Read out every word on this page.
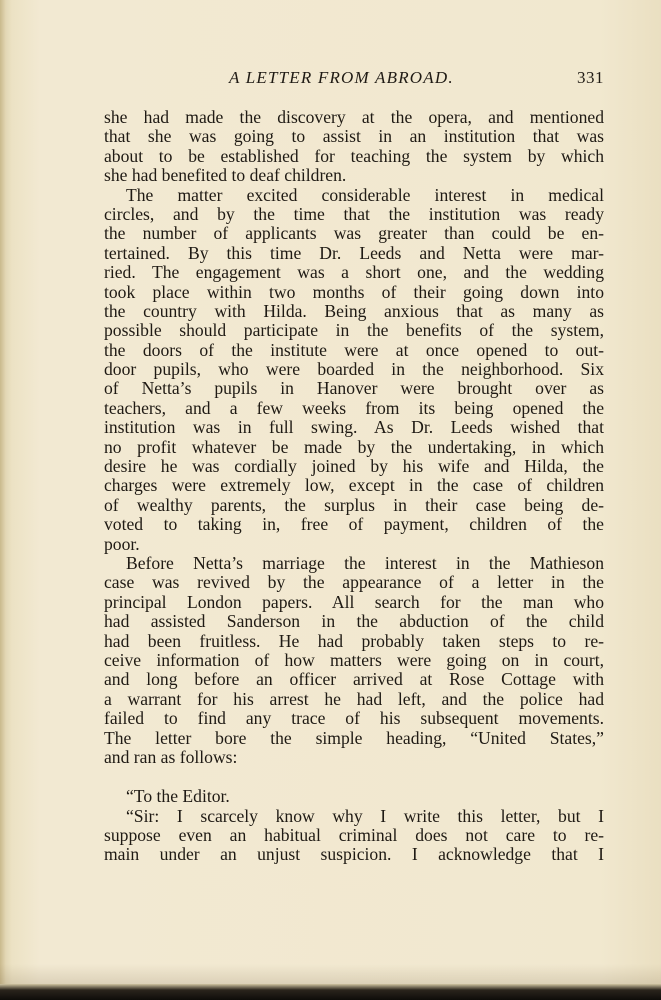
A LETTER FROM ABROAD.	331
she had made the discovery at the opera, and mentioned
that she was going to assist in an institution that was
about to be established for teaching the system by which
she had benefited to deaf children.
The matter excited considerable interest in medical
circles, and by the time that the institution was ready
the number of applicants was greater than could be en-
tertained. By this time Dr. Leeds and Netta were mar-
ried. The engagement was a short one, and the wedding
took place within two months of their going down into
the country with Hilda. Being anxious that as many as
possible should participate in the benefits of the system,
the doors of the institute were at once opened to out-
door pupils, who were boarded in the neighborhood. Six
of Netta’s pupils in Hanover were brought over as
teachers, and a few weeks from its being opened the
institution was in full swing. As Dr. Leeds wished that
no profit whatever be made by the undertaking, in which
desire he was cordially joined by his wife and Hilda, the
charges were extremely low, except in the case of children
of wealthy parents, the surplus in their case being de-
voted to taking in, free of payment, children of the
poor.
Before Netta’s marriage the interest in the Mathieson
case was revived by the appearance of a letter in the
principal London papers. All search for the man who
had assisted Sanderson in the abduction of the child
had been fruitless. He had probably taken steps to re-
ceive information of how matters were going on in court,
and long before an officer arrived at Rose Cottage with
a warrant for his arrest he had left, and the police had
failed to find any trace of his subsequent movements.
The letter bore the simple heading, “United States,”
and ran as follows:
“To the Editor.
“Sir: I scarcely know why I write this letter, but I
suppose even an habitual criminal does not care to re-
main under an unjust suspicion. I acknowledge that I
